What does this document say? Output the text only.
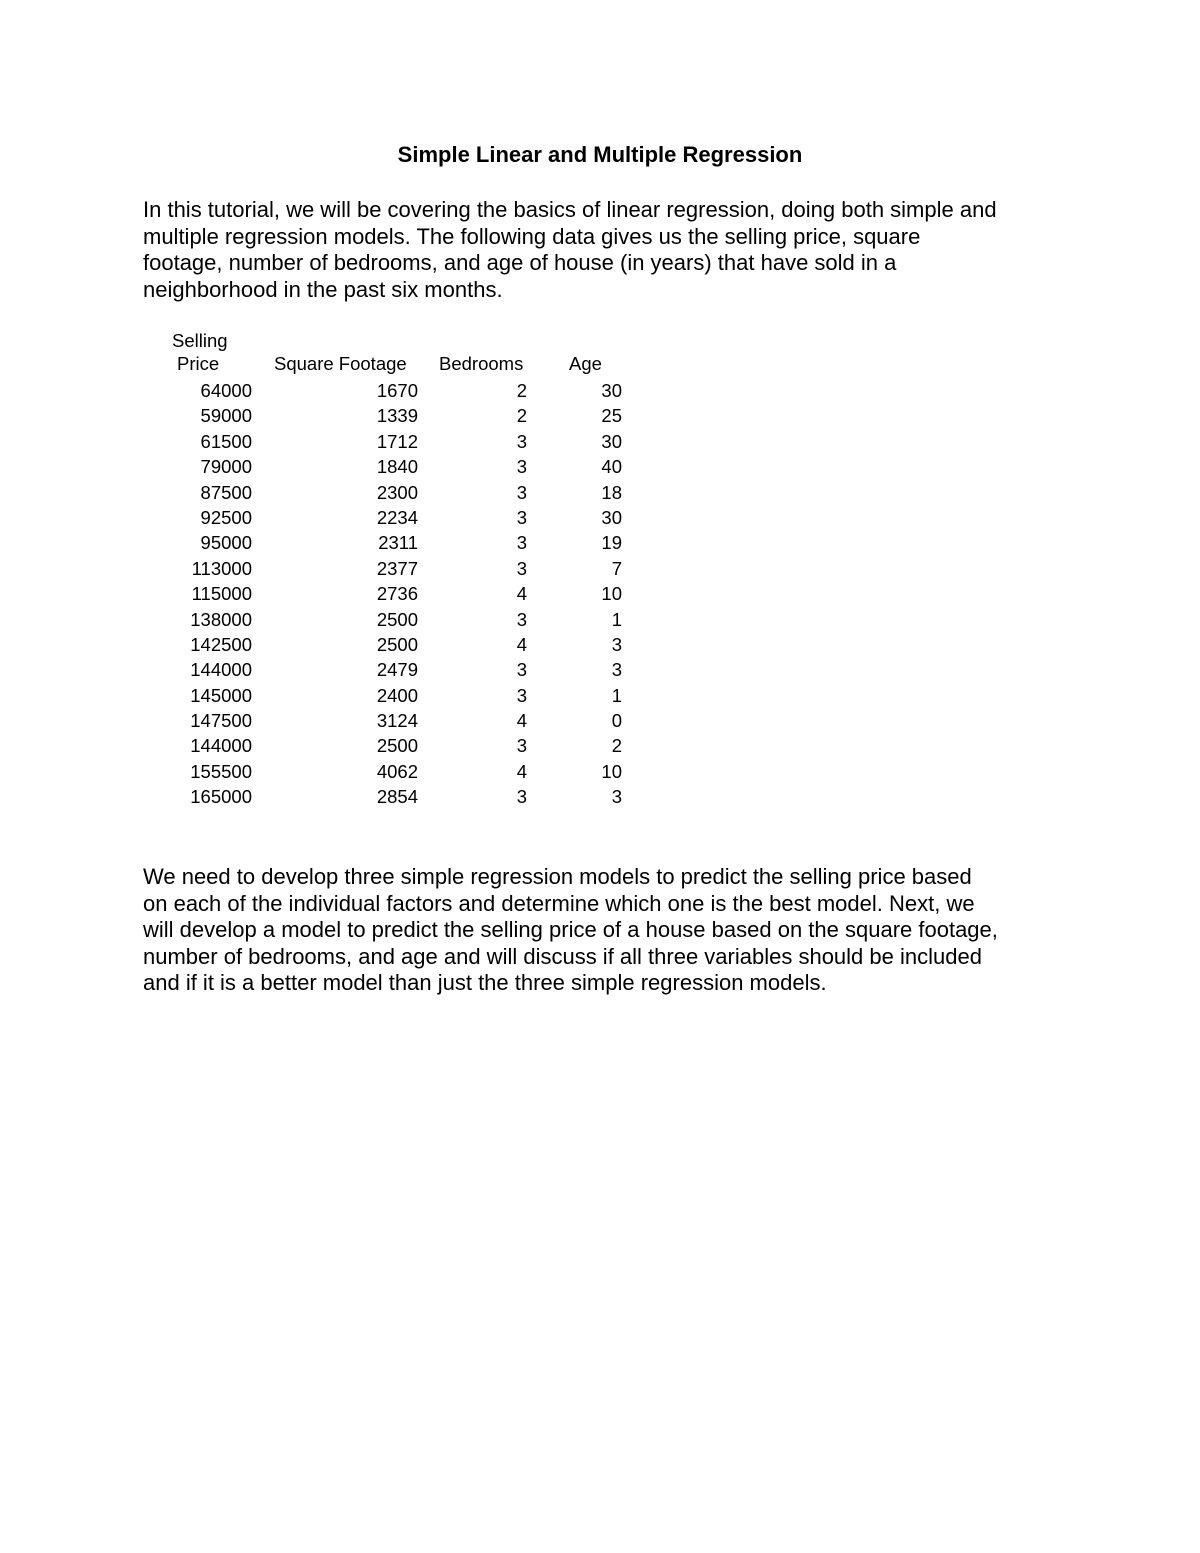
Simple Linear and Multiple Regression
In this tutorial, we will be covering the basics of linear regression, doing both simple and
multiple regression models. The following data gives us the selling price, square
footage, number of bedrooms, and age of house (in years) that have sold in a
neighborhood in the past six months.
Selling
Price	Square Footage Bedrooms Age
64000	1670	2	30
59000	1339	2	25
61500	1712	3	30
79000	1840	3	40
87500	2300	3	18
92500	2234	3	30
95000	2311	3	19
113000	2377	3	7
115000	2736	4	10
138000	2500	3	1
142500	2500	4	3
144000	2479	3	3
145000	2400	3	1
147500	3124	4	0
144000	2500	3	2
155500	4062	4	10
165000	2854	3	3
We need to develop three simple regression models to predict the selling price based
on each of the individual factors and determine which one is the best model. Next, we
will develop a model to predict the selling price of a house based on the square footage,
number of bedrooms, and age and will discuss if all three variables should be included
and if it is a better model than just the three simple regression models.
